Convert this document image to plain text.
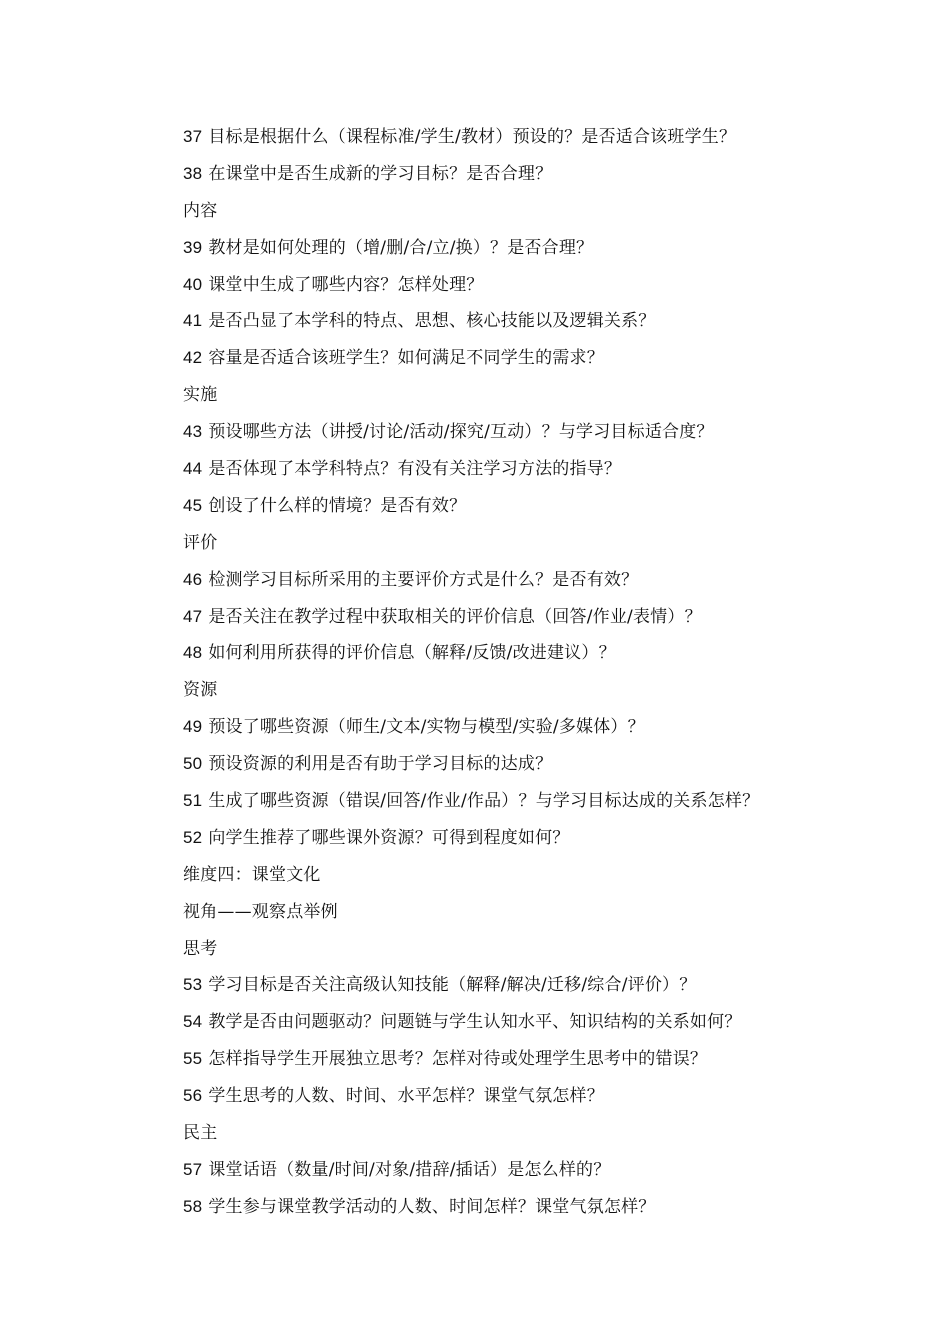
37 目标是根据什么（课程标准/学生/教材）预设的？是否适合该班学生？
38 在课堂中是否生成新的学习目标？是否合理？
内容
39 教材是如何处理的（增/删/合/立/换）？是否合理？
40 课堂中生成了哪些内容？怎样处理？
41 是否凸显了本学科的特点、思想、核心技能以及逻辑关系？
42 容量是否适合该班学生？如何满足不同学生的需求？
实施
43 预设哪些方法（讲授/讨论/活动/探究/互动）？与学习目标适合度？
44 是否体现了本学科特点？有没有关注学习方法的指导？
45 创设了什么样的情境？是否有效？
评价
46 检测学习目标所采用的主要评价方式是什么？是否有效？
47 是否关注在教学过程中获取相关的评价信息（回答/作业/表情）？
48 如何利用所获得的评价信息（解释/反馈/改进建议）？
资源
49 预设了哪些资源（师生/文本/实物与模型/实验/多媒体）？
50 预设资源的利用是否有助于学习目标的达成？
51 生成了哪些资源（错误/回答/作业/作品）？与学习目标达成的关系怎样？
52 向学生推荐了哪些课外资源？可得到程度如何？
维度四：课堂文化
视角——观察点举例
思考
53 学习目标是否关注高级认知技能（解释/解决/迁移/综合/评价）？
54 教学是否由问题驱动？问题链与学生认知水平、知识结构的关系如何？
55 怎样指导学生开展独立思考？怎样对待或处理学生思考中的错误？
56 学生思考的人数、时间、水平怎样？课堂气氛怎样？
民主
57 课堂话语（数量/时间/对象/措辞/插话）是怎么样的？
58 学生参与课堂教学活动的人数、时间怎样？课堂气氛怎样？
